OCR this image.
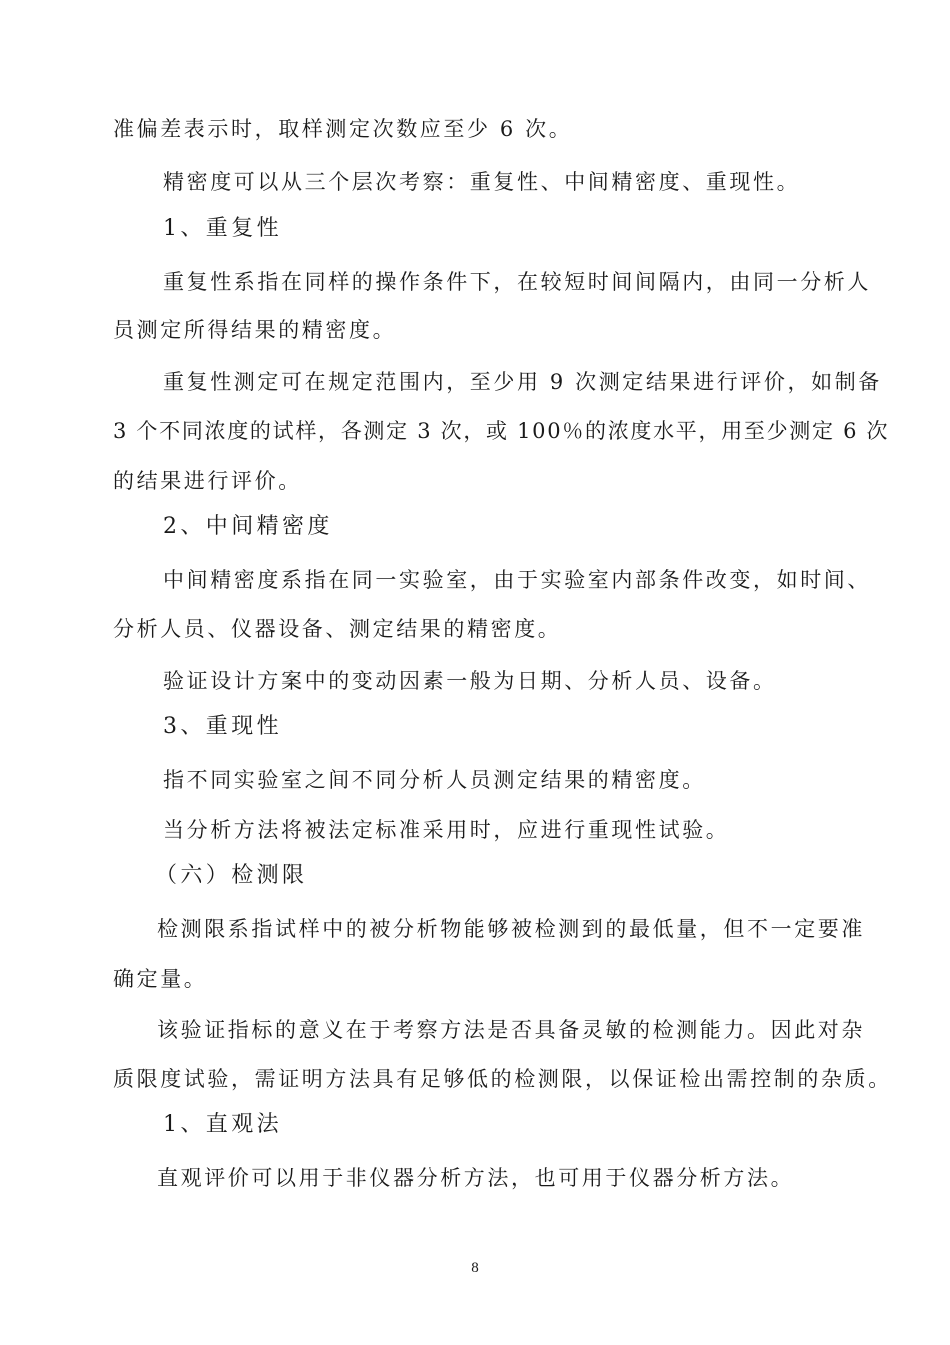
准偏差表示时，取样测定次数应至少 6 次。
精密度可以从三个层次考察：重复性、中间精密度、重现性。
1、重复性
重复性系指在同样的操作条件下，在较短时间间隔内，由同一分析人
员测定所得结果的精密度。
重复性测定可在规定范围内，至少用 9 次测定结果进行评价，如制备
3 个不同浓度的试样，各测定 3 次，或 100％的浓度水平，用至少测定 6 次
的结果进行评价。
2、中间精密度
中间精密度系指在同一实验室，由于实验室内部条件改变，如时间、
分析人员、仪器设备、测定结果的精密度。
验证设计方案中的变动因素一般为日期、分析人员、设备。
3、重现性
指不同实验室之间不同分析人员测定结果的精密度。
当分析方法将被法定标准采用时，应进行重现性试验。
（六）检测限
检测限系指试样中的被分析物能够被检测到的最低量，但不一定要准
确定量。
该验证指标的意义在于考察方法是否具备灵敏的检测能力。因此对杂
质限度试验，需证明方法具有足够低的检测限，以保证检出需控制的杂质。
1、直观法
直观评价可以用于非仪器分析方法，也可用于仪器分析方法。
8
